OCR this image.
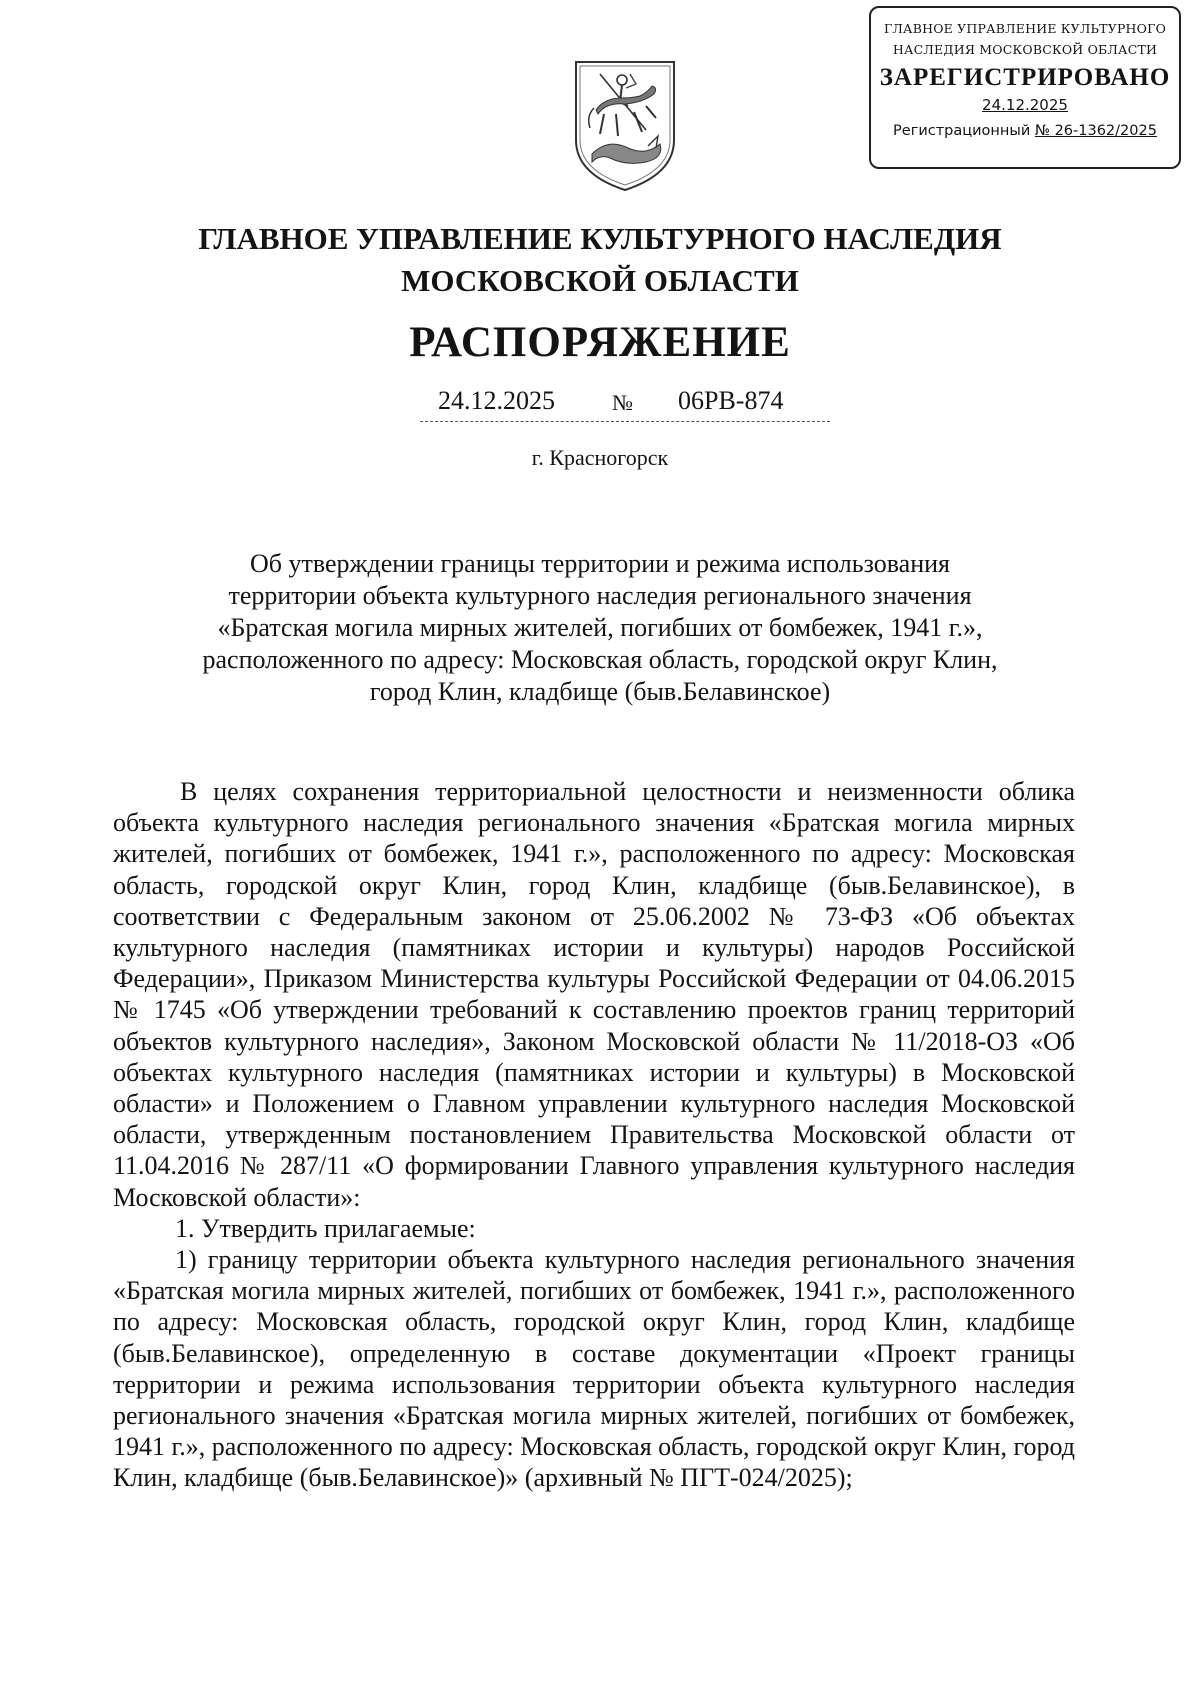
ГЛАВНОЕ УПРАВЛЕНИЕ КУЛЬТУРНОГО
НАСЛЕДИЯ МОСКОВСКОЙ ОБЛАСТИ
ЗАРЕГИСТРИРОВАНО
24.12.2025
Регистрационный № 26-1362/2025
ГЛАВНОЕ УПРАВЛЕНИЕ КУЛЬТУРНОГО НАСЛЕДИЯ
МОСКОВСКОЙ ОБЛАСТИ
РАСПОРЯЖЕНИЕ
24.12.2025	№ 06РВ-874
г. Красногорск
Об утверждении границы территории и режима использования
территории объекта культурного наследия регионального значения
«Братская могила мирных жителей, погибших от бомбежек, 1941 г.»,
расположенного по адресу: Московская область, городской округ Клин,
город Клин, кладбище (быв.Белавинское)

В целях сохранения территориальной целостности и неизменности облика объекта культурного наследия регионального значения «Братская могила мирных жителей, погибших от бомбежек, 1941 г.», расположенного по адресу: Московская область, городской округ Клин, город Клин, кладбище (быв.Белавинское), в соответствии с Федеральным законом от 25.06.2002 № 73-ФЗ «Об объектах культурного наследия (памятниках истории и культуры) народов Российской Федерации», Приказом Министерства культуры Российской Федерации от 04.06.2015 № 1745 «Об утверждении требований к составлению проектов границ территорий объектов культурного наследия», Законом Московской области № 11/2018-ОЗ «Об объектах культурного наследия (памятниках истории и культуры) в Московской области» и Положением о Главном управлении культурного наследия Московской области, утвержденным постановлением Правительства Московской области от 11.04.2016 № 287/11 «О формировании Главного управления культурного наследия Московской области»:

1. Утвердить прилагаемые:

1) границу территории объекта культурного наследия регионального значения «Братская могила мирных жителей, погибших от бомбежек, 1941 г.», расположенного по адресу: Московская область, городской округ Клин, город Клин, кладбище (быв.Белавинское), определенную в составе документации «Проект границы территории и режима использования территории объекта культурного наследия регионального значения «Братская могила мирных жителей, погибших от бомбежек, 1941 г.», расположенного по адресу: Московская область, городской округ Клин, город Клин, кладбище (быв.Белавинское)» (архивный № ПГТ-024/2025);
